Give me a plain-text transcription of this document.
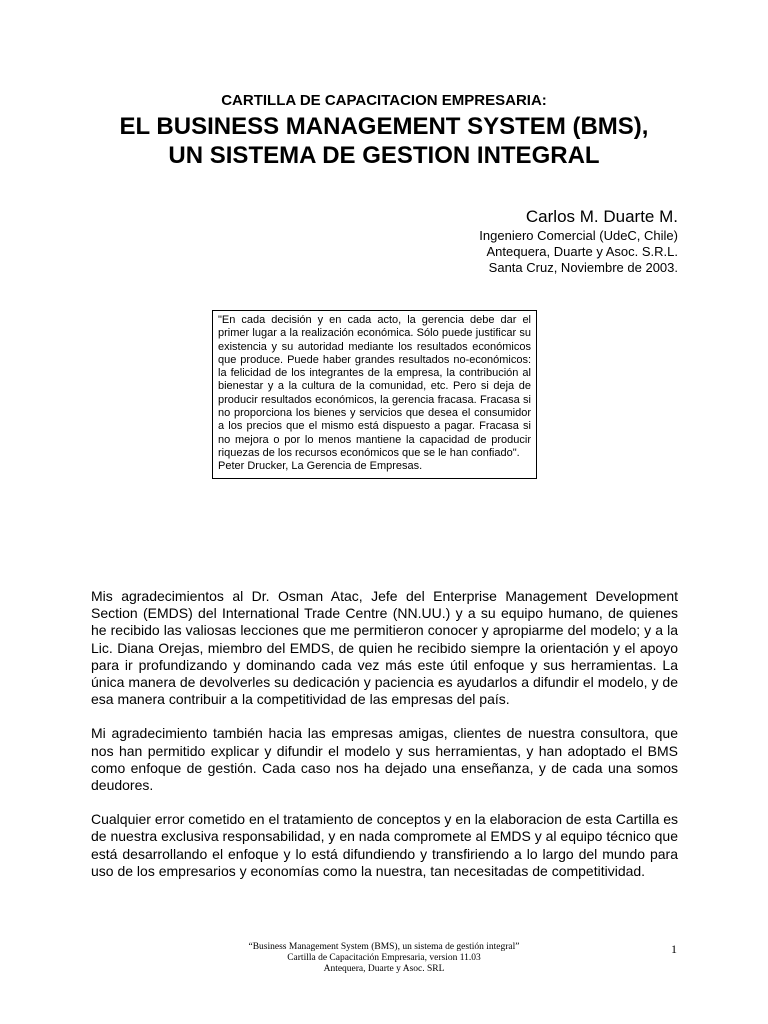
CARTILLA DE CAPACITACION EMPRESARIA:
EL BUSINESS MANAGEMENT SYSTEM (BMS),
UN SISTEMA DE GESTION INTEGRAL
Carlos M. Duarte M.
Ingeniero Comercial (UdeC, Chile)
Antequera, Duarte y Asoc. S.R.L.
Santa Cruz, Noviembre de 2003.
"En cada decisión y en cada acto, la gerencia debe dar el primer lugar a la realización económica. Sólo puede justificar su existencia y su autoridad mediante los resultados económicos que produce. Puede haber grandes resultados no-económicos: la felicidad de los integrantes de la empresa, la contribución al bienestar y a la cultura de la comunidad, etc. Pero si deja de producir resultados económicos, la gerencia fracasa. Fracasa si no proporciona los bienes y servicios que desea el consumidor a los precios que el mismo está dispuesto a pagar. Fracasa si no mejora o por lo menos mantiene la capacidad de producir riquezas de los recursos económicos que se le han confiado".
Peter Drucker, La Gerencia de Empresas.

Mis agradecimientos al Dr. Osman Atac, Jefe del Enterprise Management Development Section (EMDS) del International Trade Centre (NN.UU.) y a su equipo humano, de quienes he recibido las valiosas lecciones que me permitieron conocer y apropiarme del modelo; y a la Lic. Diana Orejas, miembro del EMDS, de quien he recibido siempre la orientación y el apoyo para ir profundizando y dominando cada vez más este útil enfoque y sus herramientas. La única manera de devolverles su dedicación y paciencia es ayudarlos a difundir el modelo, y de esa manera contribuir a la competitividad de las empresas del país.

Mi agradecimiento también hacia las empresas amigas, clientes de nuestra consultora, que nos han permitido explicar y difundir el modelo y sus herramientas, y han adoptado el BMS como enfoque de gestión. Cada caso nos ha dejado una enseñanza, y de cada una somos deudores.

Cualquier error cometido en el tratamiento de conceptos y en la elaboracion de esta Cartilla es de nuestra exclusiva responsabilidad, y en nada compromete al EMDS y al equipo técnico que está desarrollando el enfoque y lo está difundiendo y transfiriendo a lo largo del mundo para uso de los empresarios y economías como la nuestra, tan necesitadas de competitividad.

“Business Management System (BMS), un sistema de gestión integral”
Cartilla de Capacitación Empresaria, version 11.03
Antequera, Duarte y Asoc. SRL
1
